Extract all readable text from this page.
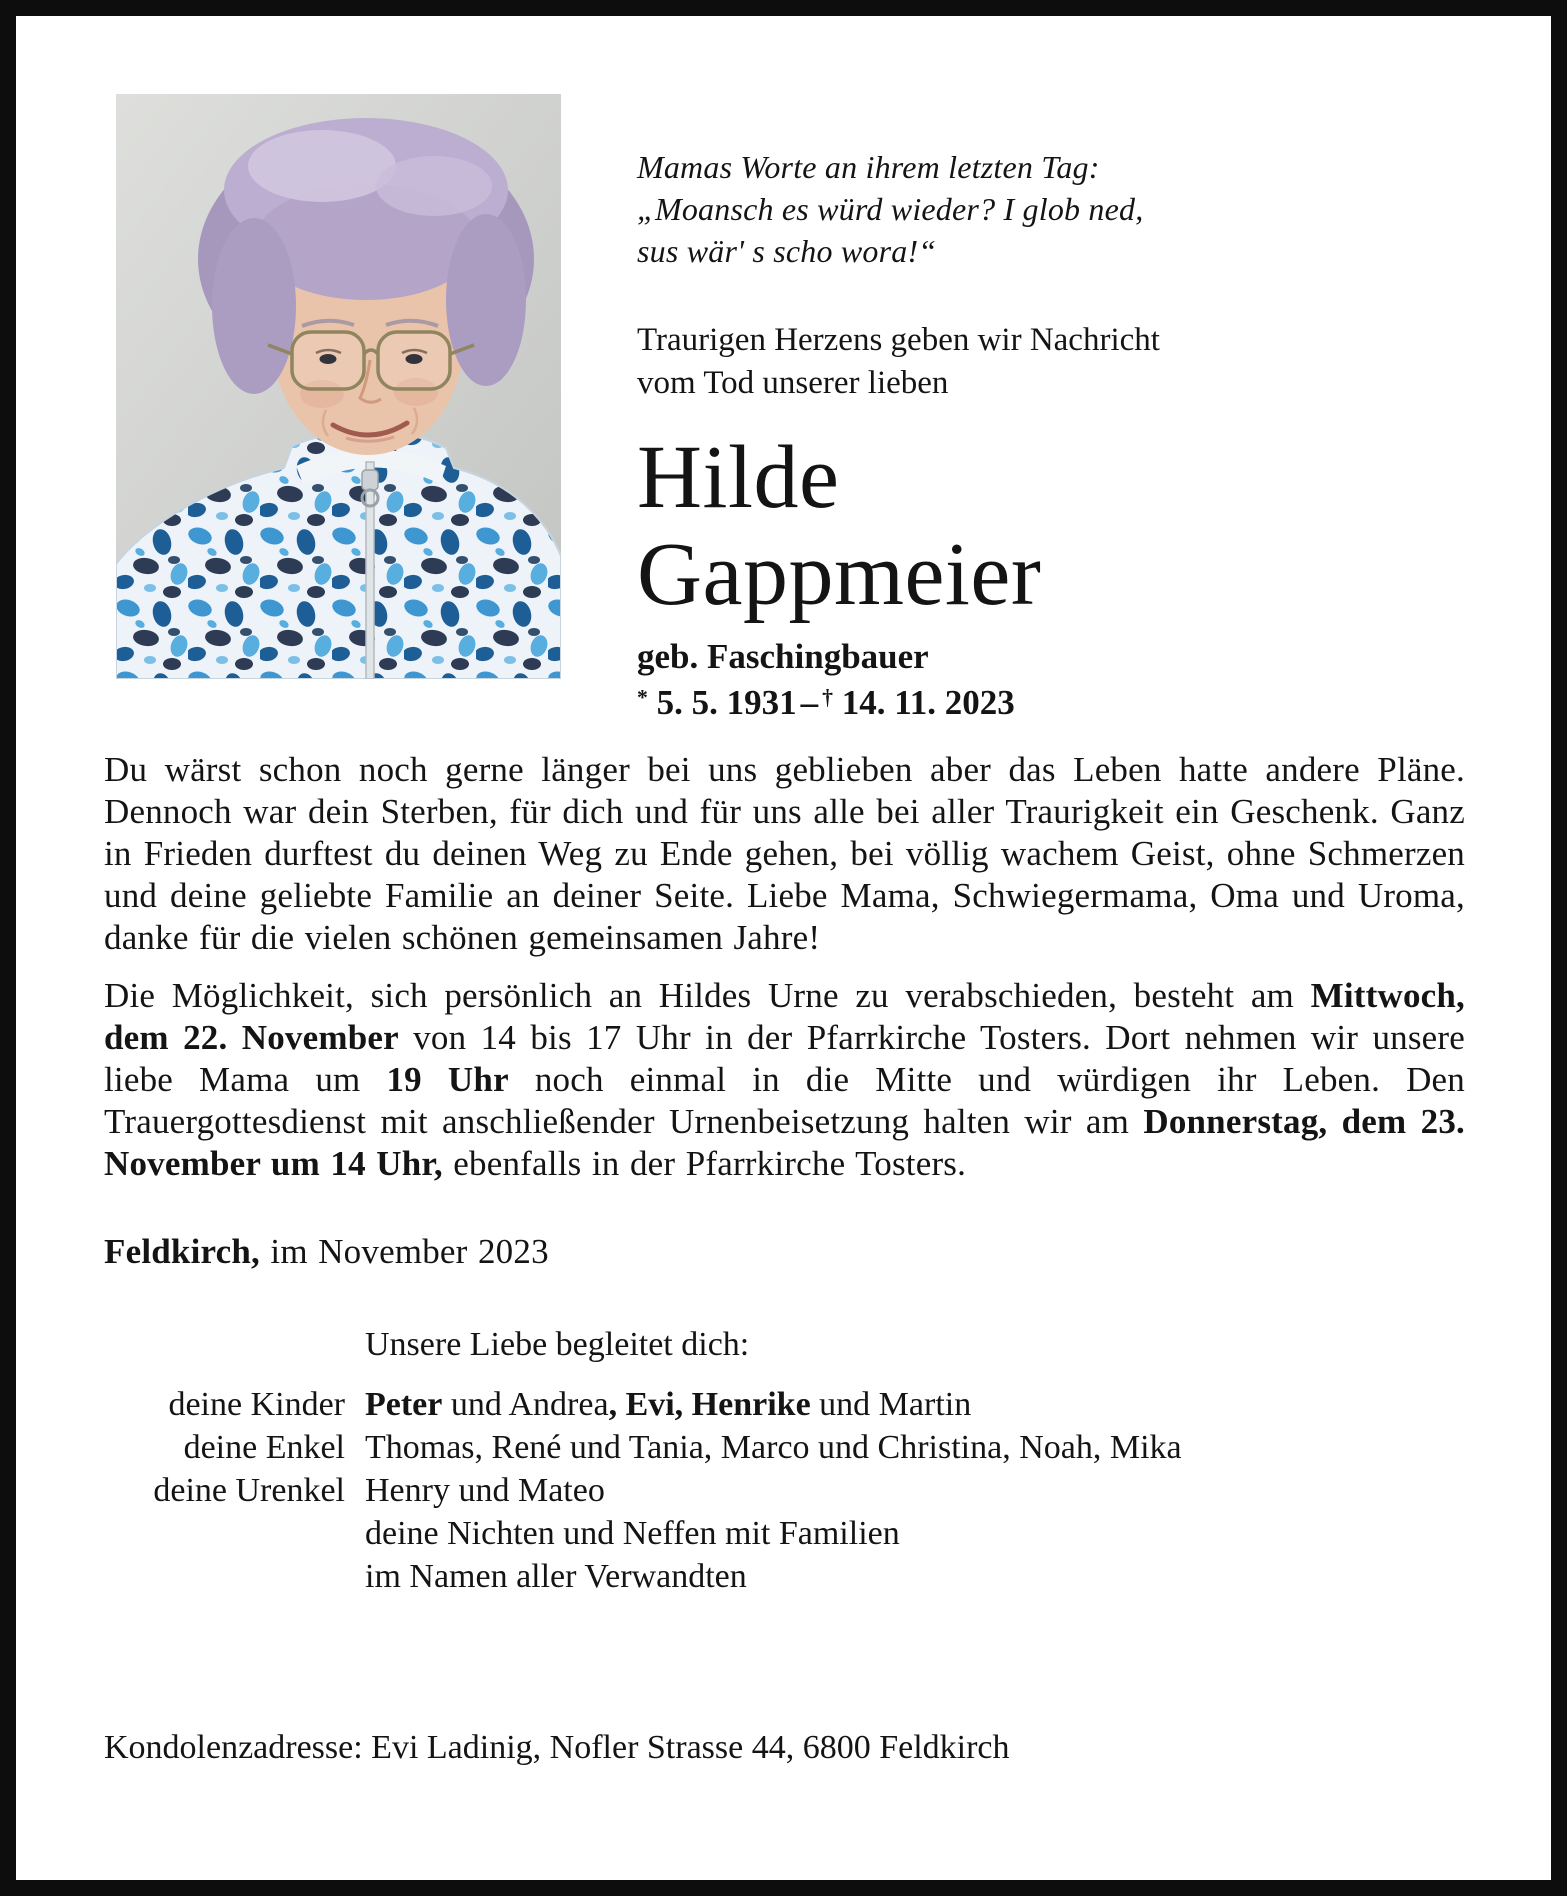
Mamas Worte an ihrem letzten Tag:
„Moansch es würd wieder? I glob ned,
sus wär' s scho wora!“
Traurigen Herzens geben wir Nachricht
vom Tod unserer lieben
Hilde
Gappmeier
geb. Faschingbauer
* 5. 5. 1931 – † 14. 11. 2023

Du wärst schon noch gerne länger bei uns geblieben aber das Leben hatte andere Pläne. Dennoch war dein Sterben, für dich und für uns alle bei aller Traurigkeit ein Geschenk. Ganz in Frieden durftest du deinen Weg zu Ende gehen, bei völlig wachem Geist, ohne Schmerzen und deine geliebte Familie an deiner Seite. Liebe Mama, Schwiegermama, Oma und Uroma, danke für die vielen schönen gemeinsamen Jahre!

Die Möglichkeit, sich persönlich an Hildes Urne zu verabschieden, besteht am Mittwoch, dem 22. November von 14 bis 17 Uhr in der Pfarrkirche Tosters. Dort nehmen wir unsere liebe Mama um 19 Uhr noch einmal in die Mitte und würdigen ihr Leben. Den Trauergottesdienst mit anschließender Urnenbeisetzung halten wir am Donnerstag, dem 23. November um 14 Uhr, ebenfalls in der Pfarrkirche Tosters.

Feldkirch, im November 2023

Unsere Liebe begleitet dich:
deine Kinder Peter und Andrea, Evi, Henrike und Martin
deine Enkel Thomas, René und Tania, Marco und Christina, Noah, Mika
deine Urenkel Henry und Mateo
deine Nichten und Neffen mit Familien
im Namen aller Verwandten
Kondolenzadresse: Evi Ladinig, Nofler Strasse 44, 6800 Feldkirch
